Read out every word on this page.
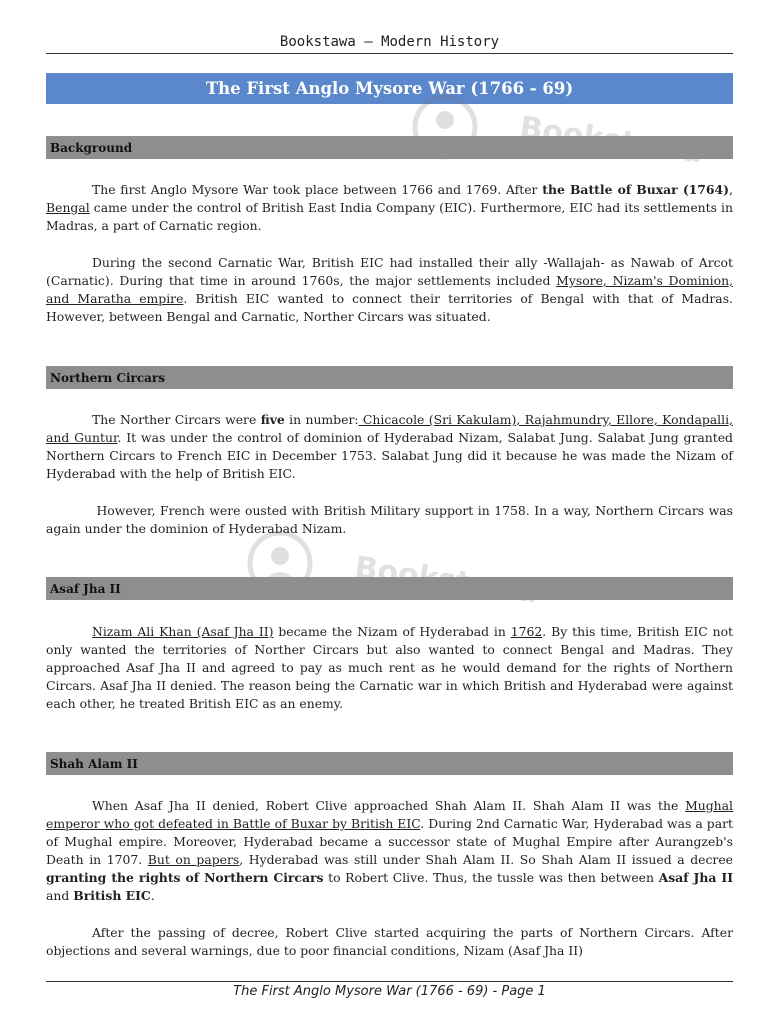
Bookstawa — Modern History
The First Anglo Mysore War (1766 - 69)
Background

The first Anglo Mysore War took place between 1766 and 1769. After the Battle of Buxar (1764), Bengal came under the control of British East India Company (EIC). Furthermore, EIC had its settlements in Madras, a part of Carnatic region.

During the second Carnatic War, British EIC had installed their ally -Wallajah- as Nawab of Arcot (Carnatic). During that time in around 1760s, the major settlements included Mysore, Nizam's Dominion, and Maratha empire. British EIC wanted to connect their territories of Bengal with that of Madras. However, between Bengal and Carnatic, Norther Circars was situated.

Northern Circars

The Norther Circars were five in number: Chicacole (Sri Kakulam), Rajahmundry, Ellore, Kondapalli, and Guntur. It was under the control of dominion of Hyderabad Nizam, Salabat Jung. Salabat Jung granted Northern Circars to French EIC in December 1753. Salabat Jung did it because he was made the Nizam of Hyderabad with the help of British EIC.

However, French were ousted with British Military support in 1758. In a way, Northern Circars was again under the dominion of Hyderabad Nizam.

Asaf Jha II

Nizam Ali Khan (Asaf Jha II) became the Nizam of Hyderabad in 1762. By this time, British EIC not only wanted the territories of Norther Circars but also wanted to connect Bengal and Madras. They approached Asaf Jha II and agreed to pay as much rent as he would demand for the rights of Northern Circars. Asaf Jha II denied. The reason being the Carnatic war in which British and Hyderabad were against each other, he treated British EIC as an enemy.

Shah Alam II

When Asaf Jha II denied, Robert Clive approached Shah Alam II. Shah Alam II was the Mughal emperor who got defeated in Battle of Buxar by British EIC. During 2nd Carnatic War, Hyderabad was a part of Mughal empire. Moreover, Hyderabad became a successor state of Mughal Empire after Aurangzeb's Death in 1707. But on papers, Hyderabad was still under Shah Alam II. So Shah Alam II issued a decree granting the rights of Northern Circars to Robert Clive. Thus, the tussle was then between Asaf Jha II and British EIC.

After the passing of decree, Robert Clive started acquiring the parts of Northern Circars. After objections and several warnings, due to poor financial conditions, Nizam (Asaf Jha II)

The First Anglo Mysore War (1766 - 69) - Page 1
